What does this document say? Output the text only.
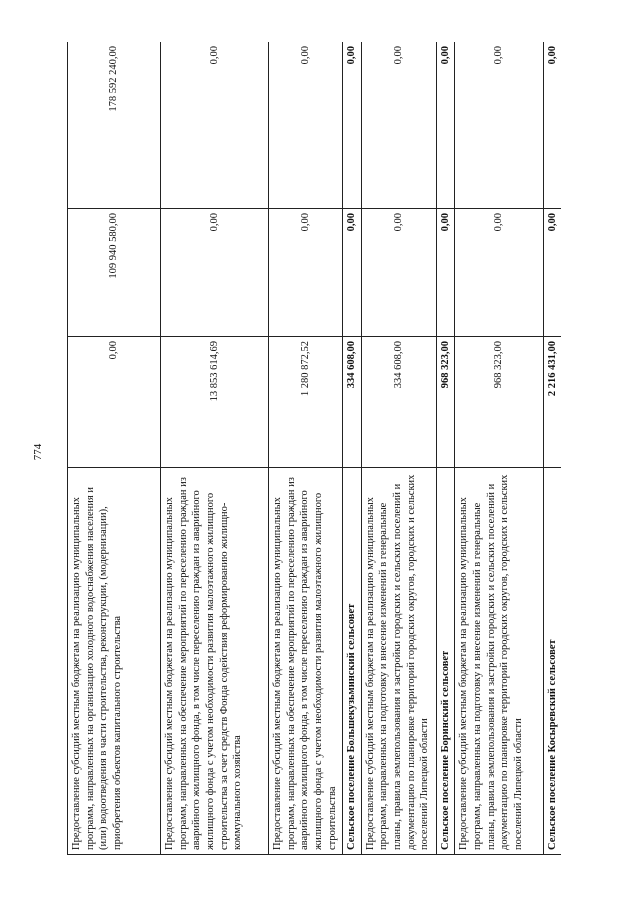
774
Предоставление субсидий местным бюджетам на реализацию муниципальных программ, направленных на организацию холодного водоснабжения населения и (или) водоотведения в части строительства, реконструкции, (модернизации), приобретения объектов капитального строительства	0,00	109 940 580,00	178 592 240,00
Предоставление субсидий местным бюджетам на реализацию муниципальных программ, направленных на обеспечение мероприятий по переселению граждан из аварийного жилищного фонда, в том числе переселению граждан из аварийного жилищного фонда с учетом необходимости развития малоэтажного жилищного строительства за счет средств Фонда содействия реформированию жилищно-коммунального хозяйства	13 853 614,69	0,00	0,00
Предоставление субсидий местным бюджетам на реализацию муниципальных программ, направленных на обеспечение мероприятий по переселению граждан из аварийного жилищного фонда, в том числе переселению граждан из аварийного жилищного фонда с учетом необходимости развития малоэтажного жилищного строительства	1 280 872,52	0,00	0,00
Сельское поселение Большекузьминский сельсовет	334 608,00	0,00	0,00
Предоставление субсидий местным бюджетам на реализацию муниципальных программ, направленных на подготовку и внесение изменений в генеральные планы, правила землепользования и застройки городских и сельских поселений и документацию по планировке территорий городских округов, городских и сельских поселений Липецкой области	334 608,00	0,00	0,00
Сельское поселение Боринский сельсовет	968 323,00	0,00	0,00
Предоставление субсидий местным бюджетам на реализацию муниципальных программ, направленных на подготовку и внесение изменений в генеральные планы, правила землепользования и застройки городских и сельских поселений и документацию по планировке территорий городских округов, городских и сельских поселений Липецкой области	968 323,00	0,00	0,00
Сельское поселение Косыревский сельсовет	2 216 431,00	0,00	0,00
